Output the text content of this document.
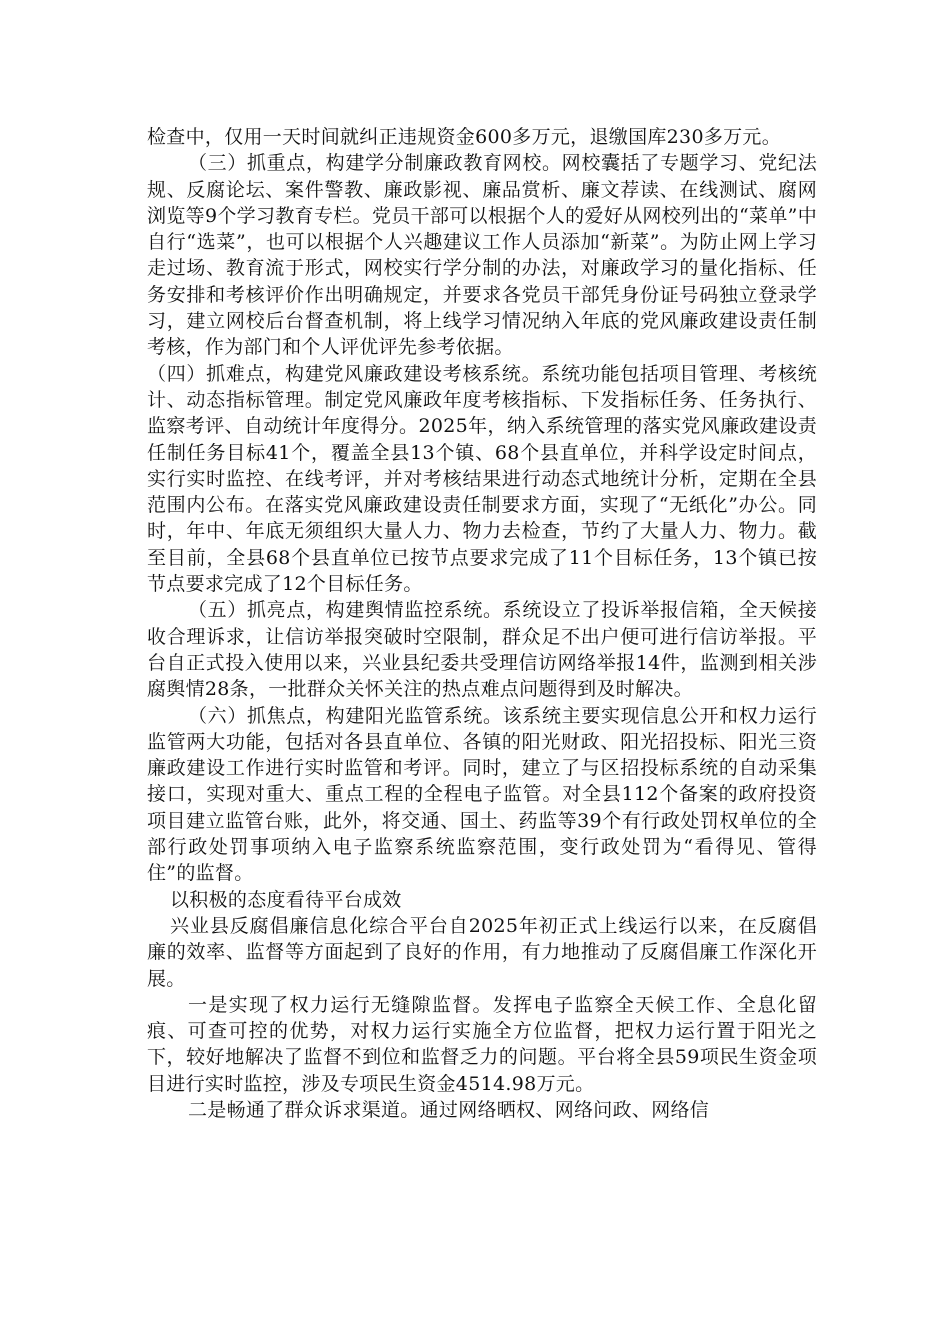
检查中，仅用一天时间就纠正违规资金600多万元，退缴国库230多万元。

（三）抓重点，构建学分制廉政教育网校。网校囊括了专题学习、党纪法规、反腐论坛、案件警教、廉政影视、廉品赏析、廉文荐读、在线测试、腐网浏览等9个学习教育专栏。党员干部可以根据个人的爱好从网校列出的“菜单”中自行“选菜”，也可以根据个人兴趣建议工作人员添加“新菜”。为防止网上学习走过场、教育流于形式，网校实行学分制的办法，对廉政学习的量化指标、任务安排和考核评价作出明确规定，并要求各党员干部凭身份证号码独立登录学习，建立网校后台督查机制，将上线学习情况纳入年底的党风廉政建设责任制考核，作为部门和个人评优评先参考依据。

（四）抓难点，构建党风廉政建设考核系统。系统功能包括项目管理、考核统计、动态指标管理。制定党风廉政年度考核指标、下发指标任务、任务执行、监察考评、自动统计年度得分。2025年，纳入系统管理的落实党风廉政建设责任制任务目标41个，覆盖全县13个镇、68个县直单位，并科学设定时间点，实行实时监控、在线考评，并对考核结果进行动态式地统计分析，定期在全县范围内公布。在落实党风廉政建设责任制要求方面，实现了“无纸化”办公。同时，年中、年底无须组织大量人力、物力去检查，节约了大量人力、物力。截至目前，全县68个县直单位已按节点要求完成了11个目标任务，13个镇已按节点要求完成了12个目标任务。

（五）抓亮点，构建舆情监控系统。系统设立了投诉举报信箱，全天候接收合理诉求，让信访举报突破时空限制，群众足不出户便可进行信访举报。平台自正式投入使用以来，兴业县纪委共受理信访网络举报14件，监测到相关涉腐舆情28条，一批群众关怀关注的热点难点问题得到及时解决。

（六）抓焦点，构建阳光监管系统。该系统主要实现信息公开和权力运行监管两大功能，包括对各县直单位、各镇的阳光财政、阳光招投标、阳光三资廉政建设工作进行实时监管和考评。同时，建立了与区招投标系统的自动采集接口，实现对重大、重点工程的全程电子监管。对全县112个备案的政府投资项目建立监管台账，此外，将交通、国土、药监等39个有行政处罚权单位的全部行政处罚事项纳入电子监察系统监察范围，变行政处罚为“看得见、管得住”的监督。

以积极的态度看待平台成效

兴业县反腐倡廉信息化综合平台自2025年初正式上线运行以来，在反腐倡廉的效率、监督等方面起到了良好的作用，有力地推动了反腐倡廉工作深化开展。

一是实现了权力运行无缝隙监督。发挥电子监察全天候工作、全息化留痕、可查可控的优势，对权力运行实施全方位监督，把权力运行置于阳光之下，较好地解决了监督不到位和监督乏力的问题。平台将全县59项民生资金项目进行实时监控，涉及专项民生资金4514.98万元。

二是畅通了群众诉求渠道。通过网络晒权、网络问政、网络信
